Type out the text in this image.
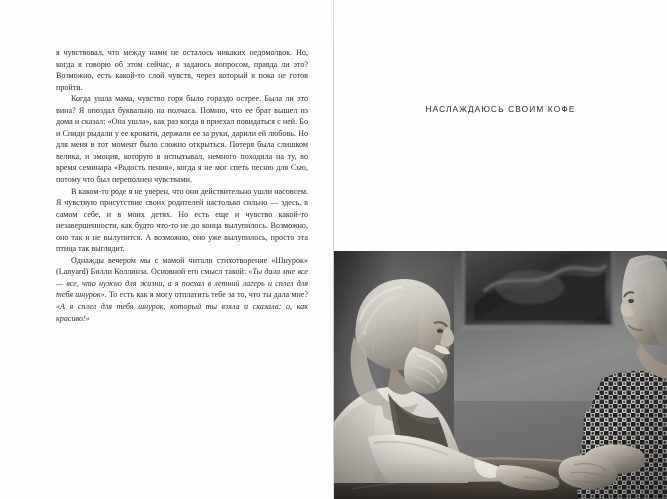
я чувствовал, что между нами не осталось никаких недомолвок. Но, когда я говорю об этом сейчас, я задаюсь вопросом, правда ли это? Возможно, есть какой-то слой чувств, через который я пока не готов пройти.

Когда ушла мама, чувство горя было гораздо острее. Была ли это вина? Я опоздал буквально на полчаса. Помню, что ее брат вышел из дома и сказал: «Она ушла», как раз когда я приехал повидаться с ней. Бо и Спиди рыдали у ее кровати, держали ее за руки, дарили ей любовь. Но для меня в тот момент было сложно открыться. Потеря была слишком велика, и эмоция, которую я испытывал, немного походила на ту, во время семинара «Радость пения», когда я не мог спеть песню для Сью, потому что был переполнен чувствами.

В каком-то роде я не уверен, что они действительно ушли насовсем. Я чувствую присутствие своих родителей настолько сильно — здесь, в самом себе, и в моих детях. Но есть еще и чувство какой-то незавершенности, как будто что-то не до конца вылупилось. Возможно, оно так и не вылупится. А возможно, оно уже вылупилось, просто эта птица так выглядит.

Однажды вечером мы с мамой читали стихотворение «Шнурок» (Lanyard) Билли Коллинза. Основной его смысл такой: «Ты дала мне все — все, что нужно для жизни, а я поехал в летний лагерь и сплел для тебя шнурок». То есть как я могу отплатить тебе за то, что ты дала мне? «А я сплел для тебя шнурок, который ты взяла и сказала: о, как красиво!»

НАСЛАЖДАЮСЬ СВОИМ КОФЕ
